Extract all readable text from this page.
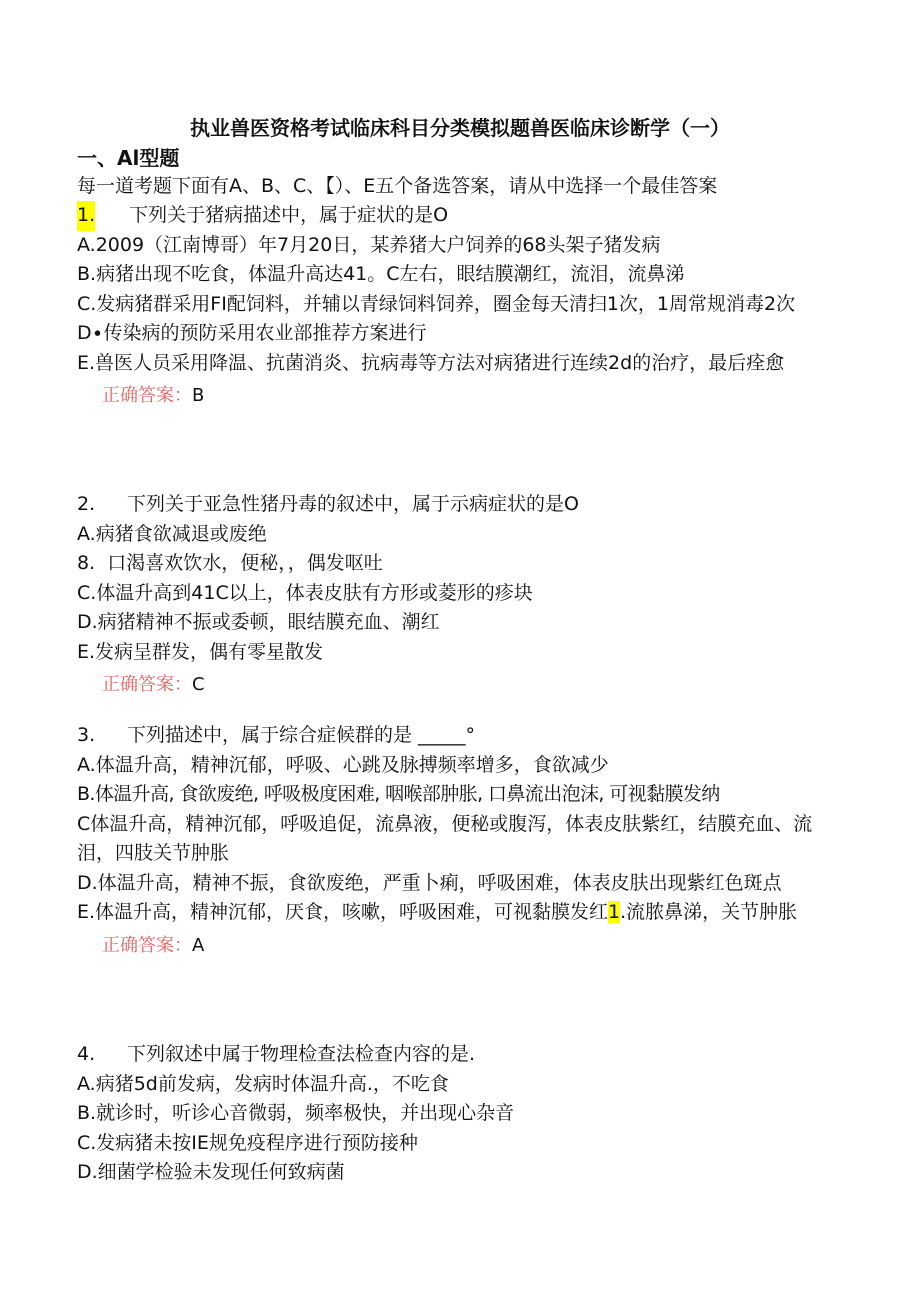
执业兽医资格考试临床科目分类模拟题兽医临床诊断学（一）
一、Al型题
每一道考题下面有A、B、C、【）、E五个备选答案，请从中选择一个最佳答案
1. 下列关于猪病描述中，属于症状的是O
A.2009（江南博哥）年7月20日，某养猪大户饲养的68头架子猪发病
B.病猪出现不吃食，体温升高达41。C左右，眼结膜潮红，流泪，流鼻涕
C.发病猪群采用FI配饲料，并辅以青绿饲料饲养，圈金每天清扫1次，1周常规消毒2次
D∙传染病的预防采用农业部推荐方案进行
E.兽医人员采用降温、抗菌消炎、抗病毒等方法对病猪进行连续2d的治疗，最后痊愈
正确答案：B
2. 下列关于亚急性猪丹毒的叙述中，属于示病症状的是O
A.病猪食欲减退或废绝
8.  口渴喜欢饮水，便秘，，偶发呕吐
C.体温升高到41C以上，体表皮肤有方形或菱形的疹块
D.病猪精神不振或委顿，眼结膜充血、潮红
E.发病呈群发，偶有零星散发
正确答案：C
3. 下列描述中，属于综合症候群的是 _____°
A.体温升高，精神沉郁，呼吸、心跳及脉搏频率增多，食欲减少
B.体温升高, 食欲废绝, 呼吸极度困难, 咽喉部肿胀, 口鼻流出泡沫, 可视黏膜发纳
C体温升高，精神沉郁，呼吸追促，流鼻液，便秘或腹泻，体表皮肤紫红，结膜充血、流泪，四肢关节肿胀
D.体温升高，精神不振，食欲废绝，严重卜痢，呼吸困难，体表皮肤出现紫红色斑点
E.体温升高，精神沉郁，厌食，咳嗽，呼吸困难，可视黏膜发红1.流脓鼻涕，关节肿胀
正确答案：A
4. 下列叙述中属于物理检查法检查内容的是.
A.病猪5d前发病，发病时体温升高.，不吃食
B.就诊时，听诊心音微弱，频率极快，并出现心杂音
C.发病猪未按IE规免疫程序进行预防接种
D.细菌学检验未发现任何致病菌
